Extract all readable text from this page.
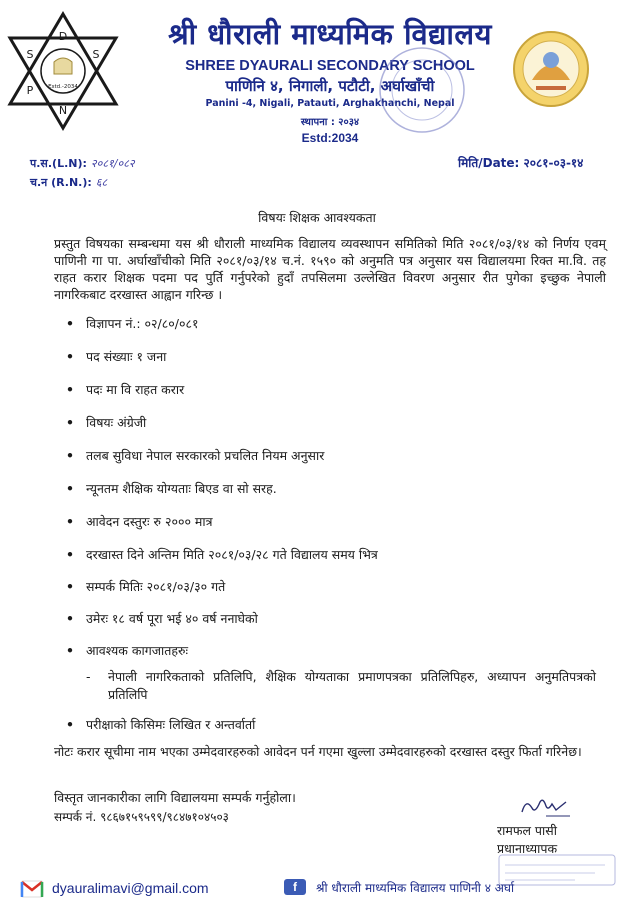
D
S	S
P
N
Estd.-2034
श्री धौराली माध्यमिक विद्यालय
SHREE DYAURALI SECONDARY SCHOOL
पाणिनि ४, निगाली, पटौटी, अर्घाखाँची
Panini -4, Nigali, Patauti, Arghakhanchi, Nepal
स्थापना : २०३४
Estd:2034
प.स.(L.N): २०८१/०८२
च.न (R.N.): ६८
मिति/Date: २०८१-०३-१४
विषयः शिक्षक आवश्यकता
प्रस्तुत विषयका सम्बन्धमा यस श्री धौराली माध्यमिक विद्यालय व्यवस्थापन समितिको मिति २०८१/०३/१४ को निर्णय एवम् पाणिनी गा पा. अर्घाखाँचीको मिति २०८१/०३/१४ च.नं. १५९० को अनुमति पत्र अनुसार यस विद्यालयमा रिक्त मा.वि. तह राहत करार शिक्षक पदमा पद पुर्ति गर्नुपरेको हुदाँ तपसिलमा उल्लेखित विवरण अनुसार रीत पुगेका इच्छुक नेपाली नागरिकबाट दरखास्त आह्वान गरिन्छ ।
• विज्ञापन नं.: ०२/८०/०८१
• पद संख्याः १ जना
• पदः मा वि राहत करार
• विषयः अंग्रेजी
• तलब सुविधा नेपाल सरकारको प्रचलित नियम अनुसार
• न्यूनतम शैक्षिक योग्यताः बिएड वा सो सरह.
• आवेदन दस्तुरः रु २००० मात्र
• दरखास्त दिने अन्तिम मिति २०८१/०३/२८ गते विद्यालय समय भित्र
• सम्पर्क मितिः २०८१/०३/३० गते
• उमेरः १८ वर्ष पूरा भई ४० वर्ष ननाघेको
• आवश्यक कागजातहरुः
- नेपाली नागरिकताको प्रतिलिपि, शैक्षिक योग्यताका प्रमाणपत्रका प्रतिलिपिहरु, अध्यापन अनुमतिपत्रको प्रतिलिपि
• परीक्षाको किसिमः लिखित र अन्तर्वार्ता
नोटः करार सूचीमा नाम भएका उम्मेदवारहरुको आवेदन पर्न गएमा खुल्ला उम्मेदवारहरुको दरखास्त दस्तुर फिर्ता गरिनेछ।
विस्तृत जानकारीका लागि विद्यालयमा सम्पर्क गर्नुहोला।
सम्पर्क नं. ९८६७१५९५९९/९८४७१०४५०३
रामफल पासी
प्रधानाध्यापक
dyauralimavi@gmail.com	f	श्री धौराली माध्यमिक विद्यालय पाणिनी ४ अर्घा
